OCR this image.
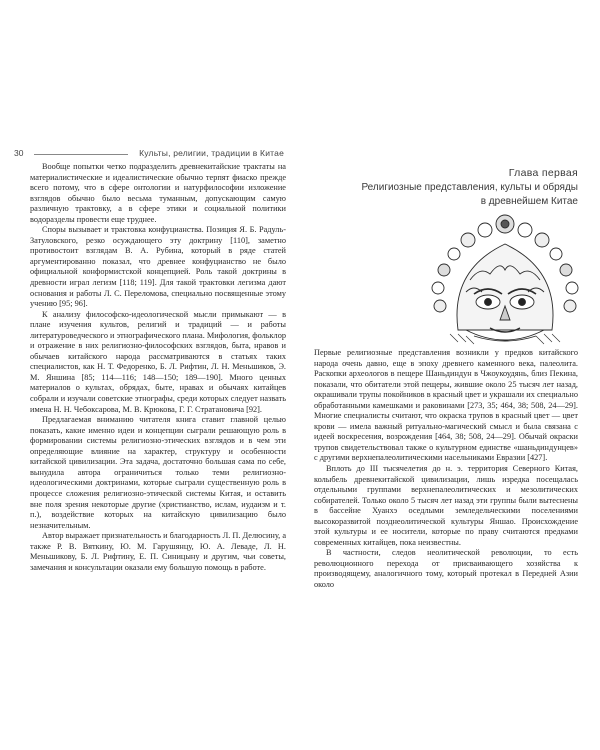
30	Культы, религии, традиции в Китае

Вообще попытки четко подразделить древнекитайские трактаты на материалистические и идеалистические обычно терпят фиаско прежде всего потому, что в сфере онтологии и натурфилософии изложение взглядов обычно было весьма туманным, допускающим самую различную трактовку, а в сфере этики и социальной политики водоразделы провести еще труднее.

Споры вызывает и трактовка конфуцианства. Позиция Я. Б. Радуль-Затуловского, резко осуждающего эту доктрину [110], заметно противостоит взглядам В. А. Рубина, который в ряде статей аргументированно показал, что древнее конфуцианство не было официальной конформистской концепцией. Роль такой доктрины в древности играл легизм [118; 119]. Для такой трактовки легизма дают основания и работы Л. С. Переломова, специально посвященные этому учению [95; 96].

К анализу философско-идеологической мысли примыкают — в плане изучения культов, религий и традиций — и работы литературоведческого и этнографического плана. Мифология, фольклор и отражение в них религиозно-философских взглядов, быта, нравов и обычаев китайского народа рассматриваются в статьях таких специалистов, как Н. Т. Федоренко, Б. Л. Рифтин, Л. Н. Меньшиков, Э. М. Яншина [85; 114—116; 148—150; 189—190]. Много ценных материалов о культах, обрядах, быте, нравах и обычаях китайцев собрали и изучали советские этнографы, среди которых следует назвать имена Н. Н. Чебоксарова, М. В. Крюкова, Г. Г. Стратановича [92].

Предлагаемая вниманию читателя книга ставит главной целью показать, какие именно идеи и концепции сыграли решающую роль в формировании системы религиозно-этических взглядов и в чем эти определяющие влияние на характер, структуру и особенности китайской цивилизации. Эта задача, достаточно большая сама по себе, вынудила автора ограничиться только теми религиозно-идеологическими доктринами, которые сыграли существенную роль в процессе сложения религиозно-этической системы Китая, и оставить вне поля зрения некоторые другие (христианство, ислам, иудаизм и т. п.), воздействие которых на китайскую цивилизацию было незначительным.

Автор выражает признательность и благодарность Л. П. Делюсину, а также Р. В. Вяткину, Ю. М. Гарушянцу, Ю. А. Леваде, Л. Н. Меньшикову, Б. Л. Рифтину, Е. П. Синицыну и другим, чьи советы, замечания и консультации оказали ему большую помощь в работе.

Глава первая
Религиозные представления, культы и обряды
в древнейшем Китае

Первые религиозные представления возникли у предков китайского народа очень давно, еще в эпоху древнего каменного века, палеолита. Раскопки археологов в пещере Шаньдиндун в Чжоукоудянь, близ Пекина, показали, что обитатели этой пещеры, жившие около 25 тысяч лет назад, окрашивали трупы покойников в красный цвет и украшали их специально обработанными камешками и раковинами [273, 35; 464, 38; 508, 24—29]. Многие специалисты считают, что окраска трупов в красный цвет — цвет крови — имела важный ритуально-магический смысл и была связана с идеей воскресения, возрождения [464, 38; 508, 24—29]. Обычай окраски трупов свидетельствовал также о культурном единстве «шаньдиндунцев» с другими верхнепалеолитическими насельниками Евразии [427].

Вплоть до III тысячелетия до н. э. территория Северного Китая, колыбель древнекитайской цивилизации, лишь изредка посещалась отдельными группами верхнепалеолитических и мезолитических собирателей. Только около 5 тысяч лет назад эти группы были вытеснены в бассейне Хуанхэ оседлыми земледельческими поселениями высокоразвитой позднеолитической культуры Яншао. Происхождение этой культуры и ее носители, которые по праву считаются предками современных китайцев, пока неизвестны.

В частности, следов неолитической революции, то есть революционного перехода от присваивающего хозяйства к производящему, аналогичного тому, который протекал в Передней Азии около
